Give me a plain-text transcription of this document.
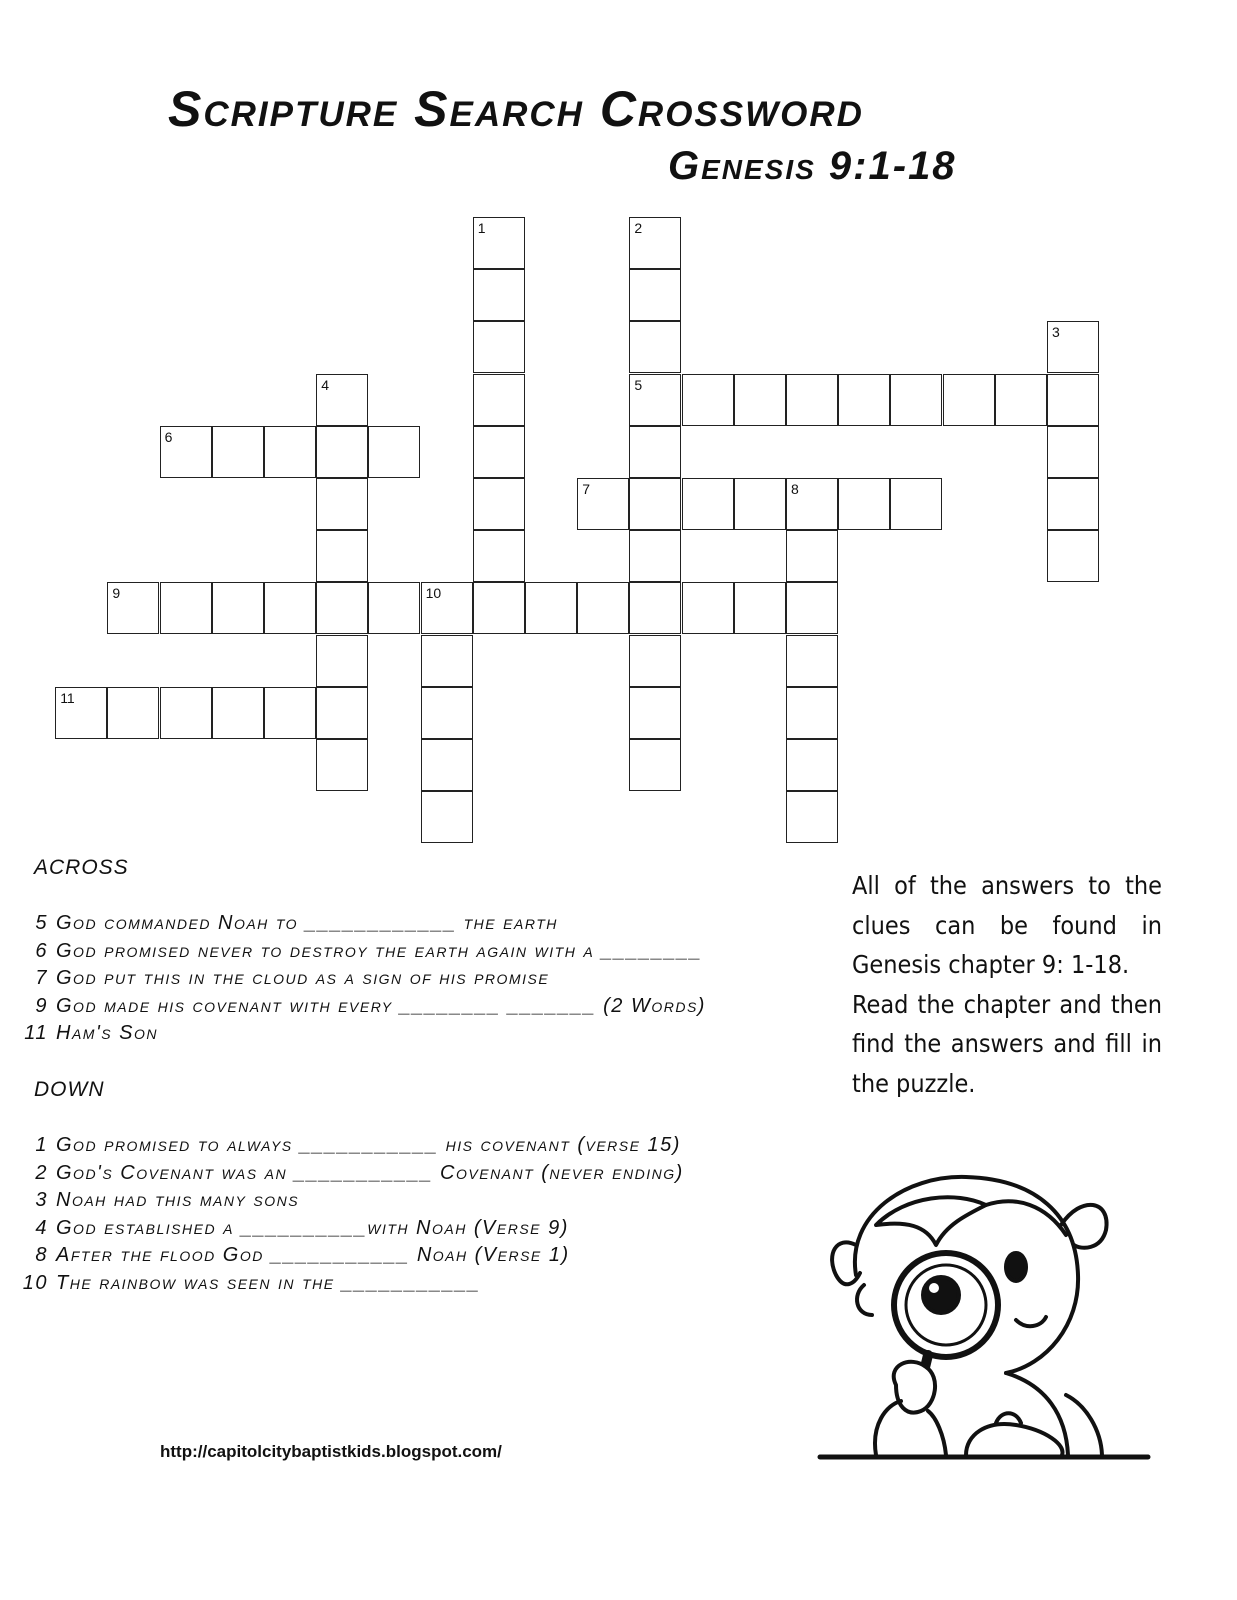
Scripture Search Crossword
Genesis 9:1-18
1	2
3
4	5
6
7	8
9	10
11
ACROSS
5 God commanded Noah to ____________ the earth
6 God promised never to destroy the earth again with a ________
7 God put this in the cloud as a sign of his promise
9 God made his covenant with every ________ _______ (2 Words)
11 Ham's Son
DOWN
1 God promised to always ___________ his covenant (verse 15)
2 God's Covenant was an ___________ Covenant (never ending)
3 Noah had this many sons
4 God established a __________with Noah (Verse 9)
8 After the flood God ___________ Noah (Verse 1)
10 The rainbow was seen in the ___________

All of the answers to the clues can be found in Genesis chapter 9: 1-18.

Read the chapter and then find the answers and fill in the puzzle.

http://capitolcitybaptistkids.blogspot.com/
